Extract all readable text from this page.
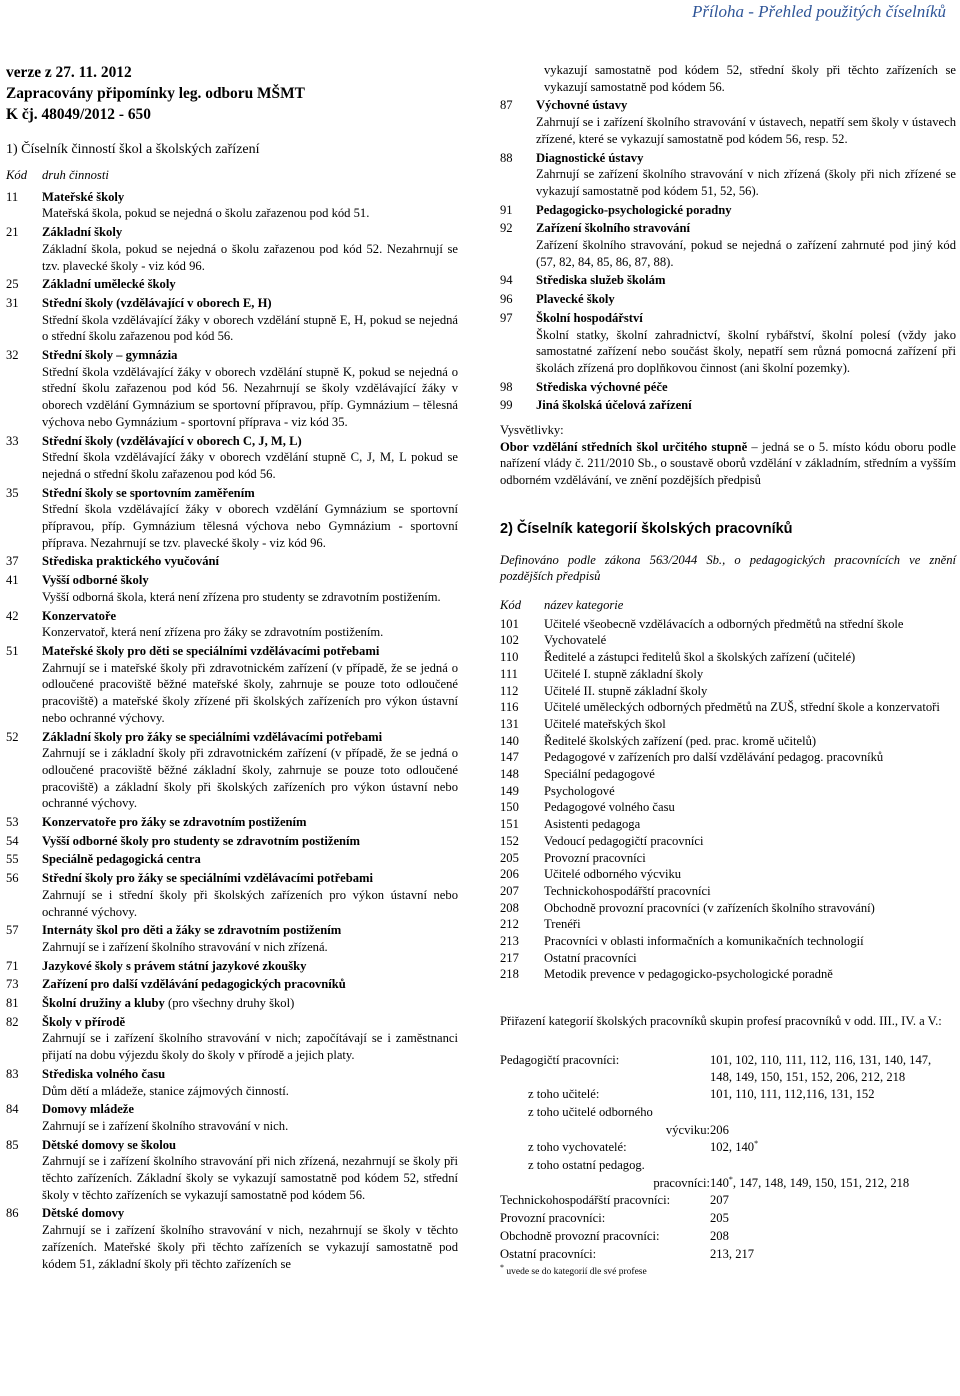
Příloha - Přehled použitých číselníků
verze z 27. 11. 2012
Zapracovány připomínky leg. odboru MŠMT
K čj. 48049/2012 - 650
1) Číselník činností škol a školských zařízení
Kód	druh činnosti
11	Mateřské školy
Mateřská škola, pokud se nejedná o školu zařazenou pod kód 51.
21	Základní školy
Základní škola, pokud se nejedná o školu zařazenou pod kód 52. Nezahrnují se tzv. plavecké školy - viz kód 96.
25	Základní umělecké školy
31	Střední školy (vzdělávající v oborech E, H)
Střední škola vzdělávající žáky v oborech vzdělání stupně E, H, pokud se nejedná o střední školu zařazenou pod kód 56.
32	Střední školy – gymnázia
Střední škola vzdělávající žáky v oborech vzdělání stupně K, pokud se nejedná o střední školu zařazenou pod kód 56. Nezahrnují se školy vzdělávající žáky v oborech vzdělání Gymnázium se sportovní přípravou, příp. Gymnázium – tělesná výchova nebo Gymnázium - sportovní příprava - viz kód 35.
33	Střední školy (vzdělávající v oborech C, J, M, L)
Střední škola vzdělávající žáky v oborech vzdělání stupně C, J, M, L pokud se nejedná o střední školu zařazenou pod kód 56.
35	Střední školy se sportovním zaměřením
Střední škola vzdělávající žáky v oborech vzdělání Gymnázium se sportovní přípravou, příp. Gymnázium tělesná výchova nebo Gymnázium - sportovní příprava. Nezahrnují se tzv. plavecké školy - viz kód 96.
37	Střediska praktického vyučování
41	Vyšší odborné školy
Vyšší odborná škola, která není zřízena pro studenty se zdravotním postižením.
42	Konzervatoře
Konzervatoř, která není zřízena pro žáky se zdravotním postižením.
51	Mateřské školy pro děti se speciálními vzdělávacími potřebami
Zahrnují se i mateřské školy při zdravotnickém zařízení (v případě, že se jedná o odloučené pracoviště běžné mateřské školy, zahrnuje se pouze toto odloučené pracoviště) a mateřské školy zřízené při školských zařízeních pro výkon ústavní nebo ochranné výchovy.
52	Základní školy pro žáky se speciálními vzdělávacími potřebami
Zahrnují se i základní školy při zdravotnickém zařízení (v případě, že se jedná o odloučené pracoviště běžné základní školy, zahrnuje se pouze toto odloučené pracoviště) a základní školy při školských zařízeních pro výkon ústavní nebo ochranné výchovy.
53	Konzervatoře pro žáky se zdravotním postižením
54	Vyšší odborné školy pro studenty se zdravotním postižením
55	Speciálně pedagogická centra
56	Střední školy pro žáky se speciálními vzdělávacími potřebami
Zahrnují se i střední školy při školských zařízeních pro výkon ústavní nebo ochranné výchovy.
57	Internáty škol pro děti a žáky se zdravotním postižením
Zahrnují se i zařízení školního stravování v nich zřízená.
71	Jazykové školy s právem státní jazykové zkoušky
73	Zařízení pro další vzdělávání pedagogických pracovníků
81	Školní družiny a kluby (pro všechny druhy škol)
82	Školy v přírodě
Zahrnují se i zařízení školního stravování v nich; započítávají se i zaměstnanci přijatí na dobu výjezdu školy do školy v přírodě a jejich platy.
83	Střediska volného času
Dům dětí a mládeže, stanice zájmových činností.
84	Domovy mládeže
Zahrnují se i zařízení školního stravování v nich.
85	Dětské domovy se školou
Zahrnují se i zařízení školního stravování při nich zřízená, nezahrnují se školy při těchto zařízeních. Základní školy se vykazují samostatně pod kódem 52, střední školy v těchto zařízeních se vykazují samostatně pod kódem 56.
86	Dětské domovy
Zahrnují se i zařízení školního stravování v nich, nezahrnují se školy v těchto zařízeních. Mateřské školy při těchto zařízeních se vykazují samostatně pod kódem 51, základní školy při těchto zařízeních se
vykazují samostatně pod kódem 52, střední školy při těchto zařízeních se vykazují samostatně pod kódem 56.
87	Výchovné ústavy
Zahrnují se i zařízení školního stravování v ústavech, nepatří sem školy v ústavech zřízené, které se vykazují samostatně pod kódem 56, resp. 52.
88	Diagnostické ústavy
Zahrnují se zařízení školního stravování v nich zřízená (školy při nich zřízené se vykazují samostatně pod kódem 51, 52, 56).
91	Pedagogicko-psychologické poradny
92	Zařízení školního stravování
Zařízení školního stravování, pokud se nejedná o zařízení zahrnuté pod jiný kód (57, 82, 84, 85, 86, 87, 88).
94	Střediska služeb školám
96	Plavecké školy
97	Školní hospodářství
Školní statky, školní zahradnictví, školní rybářství, školní polesí (vždy jako samostatné zařízení nebo součást školy, nepatří sem různá pomocná zařízení při školách zřízená pro doplňkovou činnost (ani školní pozemky).
98	Střediska výchovné péče
99	Jiná školská účelová zařízení
Vysvětlivky:
Obor vzdělání středních škol určitého stupně – jedná se o 5. místo kódu oboru podle nařízení vlády č. 211/2010 Sb., o soustavě oborů vzdělání v základním, středním a vyšším odborném vzdělávání, ve znění pozdějších předpisů
2) Číselník kategorií školských pracovníků
Definováno podle zákona 563/2044 Sb., o pedagogických pracovnících ve znění pozdějších předpisů
Kód	název kategorie
101	Učitelé všeobecně vzdělávacích a odborných předmětů na střední škole
102	Vychovatelé
110	Ředitelé a zástupci ředitelů škol a školských zařízení (učitelé)
111	Učitelé I. stupně základní školy
112	Učitelé II. stupně základní školy
116	Učitelé uměleckých odborných předmětů na ZUŠ, střední škole a konzervatoři
131	Učitelé mateřských škol
140	Ředitelé školských zařízení (ped. prac. kromě učitelů)
147	Pedagogové v zařízeních pro další vzdělávání pedagog. pracovníků
148	Speciální pedagogové
149	Psychologové
150	Pedagogové volného času
151	Asistenti pedagoga
152	Vedoucí pedagogičtí pracovníci
205	Provozní pracovníci
206	Učitelé odborného výcviku
207	Technickohospodářští pracovníci
208	Obchodně provozní pracovníci (v zařízeních školního stravování)
212	Trenéři
213	Pracovníci v oblasti informačních a komunikačních technologií
217	Ostatní pracovníci
218	Metodik prevence v pedagogicko-psychologické poradně
Přiřazení kategorií školských pracovníků skupin profesí pracovníků v odd. III., IV. a V.:
Pedagogičtí pracovníci:	101, 102, 110, 111, 112, 116, 131, 140, 147, 148, 149, 150, 151, 152, 206, 212, 218
z toho učitelé:	101, 110, 111, 112,116, 131, 152
z toho učitelé odborného
výcviku: 206
z toho vychovatelé:	102, 140*
z toho ostatní pedagog.
pracovníci: 140*, 147, 148, 149, 150, 151, 212, 218
Technickohospodářští pracovníci:	207
Provozní pracovníci:	205
Obchodně provozní pracovníci:	208
Ostatní pracovníci:	213, 217
* uvede se do kategorií dle své profese
